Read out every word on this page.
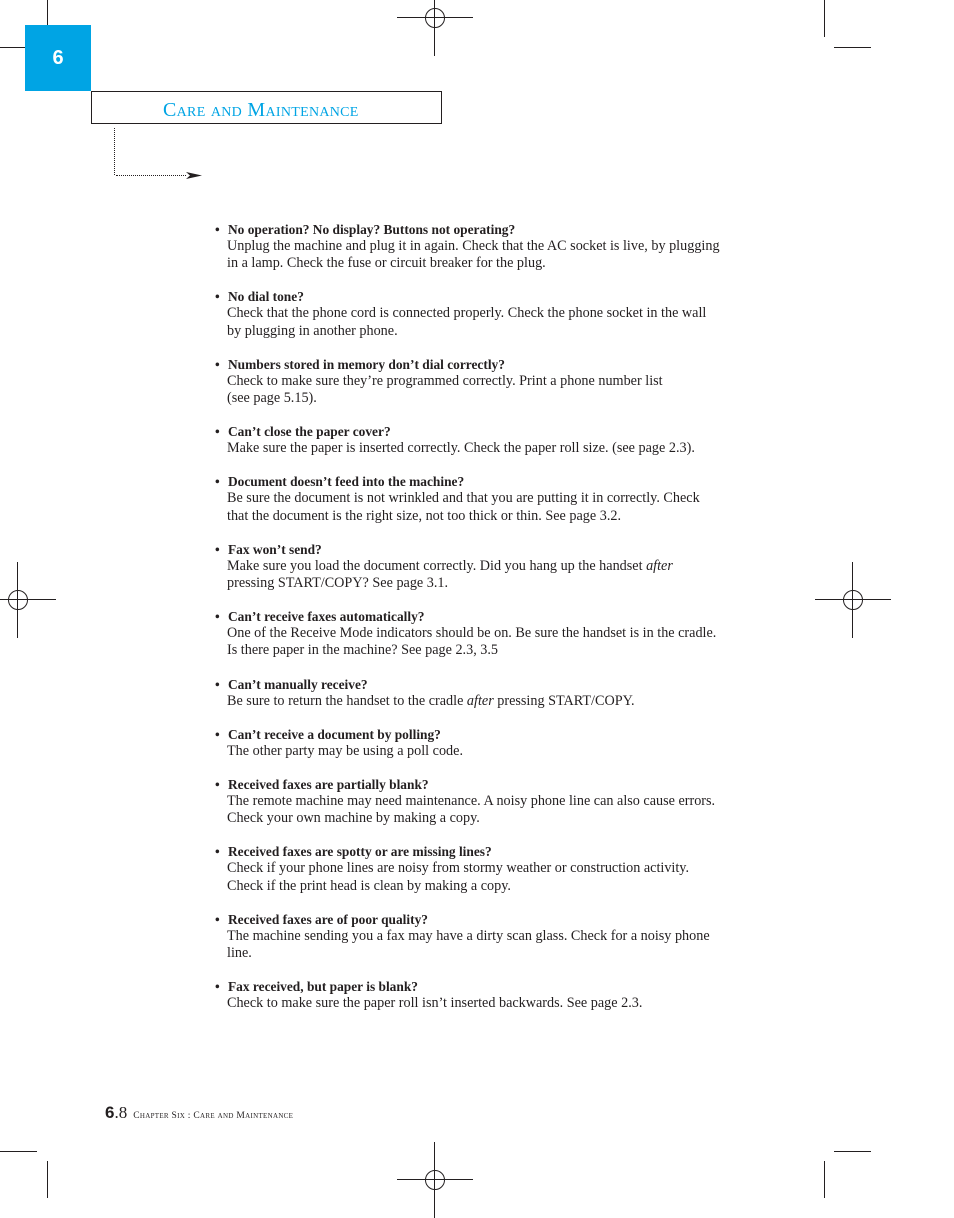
6
Care and Maintenance
• No operation? No display? Buttons not operating?
Unplug the machine and plug it in again. Check that the AC socket is live, by plugging
in a lamp. Check the fuse or circuit breaker for the plug.
• No dial tone?
Check that the phone cord is connected properly. Check the phone socket in the wall
by plugging in another phone.
• Numbers stored in memory don’t dial correctly?
Check to make sure they’re programmed correctly. Print a phone number list
(see page 5.15).
• Can’t close the paper cover?
Make sure the paper is inserted correctly. Check the paper roll size. (see page 2.3).
• Document doesn’t feed into the machine?
Be sure the document is not wrinkled and that you are putting it in correctly. Check
that the document is the right size, not too thick or thin. See page 3.2.
• Fax won’t send?
Make sure you load the document correctly. Did you hang up the handset after
pressing START/COPY? See page 3.1.
• Can’t receive faxes automatically?
One of the Receive Mode indicators should be on. Be sure the handset is in the cradle.
Is there paper in the machine? See page 2.3, 3.5
• Can’t manually receive?
Be sure to return the handset to the cradle after pressing START/COPY.
• Can’t receive a document by polling?
The other party may be using a poll code.
• Received faxes are partially blank?
The remote machine may need maintenance. A noisy phone line can also cause errors.
Check your own machine by making a copy.
• Received faxes are spotty or are missing lines?
Check if your phone lines are noisy from stormy weather or construction activity.
Check if the print head is clean by making a copy.
• Received faxes are of poor quality?
The machine sending you a fax may have a dirty scan glass. Check for a noisy phone
line.
• Fax received, but paper is blank?
Check to make sure the paper roll isn’t inserted backwards. See page 2.3.
6.8 Chapter Six : Care and Maintenance
